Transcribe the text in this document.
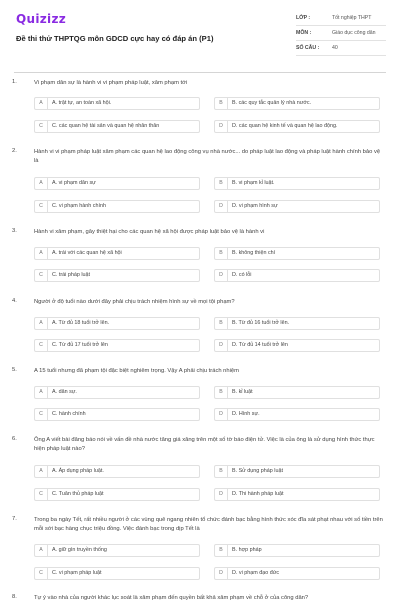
Quizizz
Đề thi thử THPTQG môn GDCD cực hay có đáp án (P1)
LỚP :	Tốt nghiệp THPT
MÔN :	Giáo dục công dân
SỐ CÂU :	40
1.	Vi phạm dân sự là hành vi vi phạm pháp luật, xâm phạm tới
A	A. trật tự, an toàn xã hội.	B	B. các quy tắc quản lý nhà nước.
C	C. các quan hệ tài sản và quan hệ nhân thân	D	D. các quan hệ kinh tế và quan hệ lao động.
2.	Hành vi vi phạm pháp luật xâm phạm các quan hệ lao động công vụ nhà nước... do pháp luật lao động và pháp luật hành chính bảo vệ là
A	A. vi phạm dân sự	B	B. vi phạm kỉ luật.
C	C. vi phạm hành chính	D	D. vi phạm hình sự
3.	Hành vi xâm phạm, gây thiệt hại cho các quan hệ xã hội được pháp luật bảo vệ là hành vi
A	A. trái với các quan hệ xã hội	B	B. không thiện chí
C	C. trái pháp luật	D	D. có lỗi
4.	Người ở độ tuổi nào dưới đây phải chịu trách nhiệm hình sự về mọi tội phạm?
A	A. Từ đủ 18 tuổi trở lên.	B	B. Từ đủ 16 tuổi trở lên.
C	C. Từ đủ 17 tuổi trở lên	D	D. Từ đủ 14 tuổi trở lên
5.	A 15 tuổi nhưng đã phạm tội đặc biệt nghiêm trọng. Vậy A phải chịu trách nhiệm
A	A. dân sự.	B	B. kỉ luật
C	C. hành chính	D	D. Hình sự.
6.	Ông A viết bài đăng báo nói về vấn đề nhà nước tăng giá xăng trên một số tờ báo điện tử. Việc là của ông là sử dụng hình thức thực hiện pháp luật nào?
A	A. Áp dụng pháp luật.	B	B. Sử dụng pháp luật
C	C. Tuân thủ pháp luật	D	D. Thi hành pháp luật
7.	Trong ba ngày Tết, rất nhiều người ở các vùng quê ngang nhiên tổ chức đánh bạc bằng hình thức xóc đĩa sát phạt nhau với số tiền trên mỗi sới bạc hàng chục triệu đồng. Việc đánh bạc trong dịp Tết là
A	A. giữ gìn truyền thống	B	B. hợp pháp
C	C. vi phạm pháp luật	D	D. vi phạm đạo đức
8.	Tự ý vào nhà của người khác lục soát là xâm phạm đến quyền bất khả xâm phạm về chỗ ở của công dân?
